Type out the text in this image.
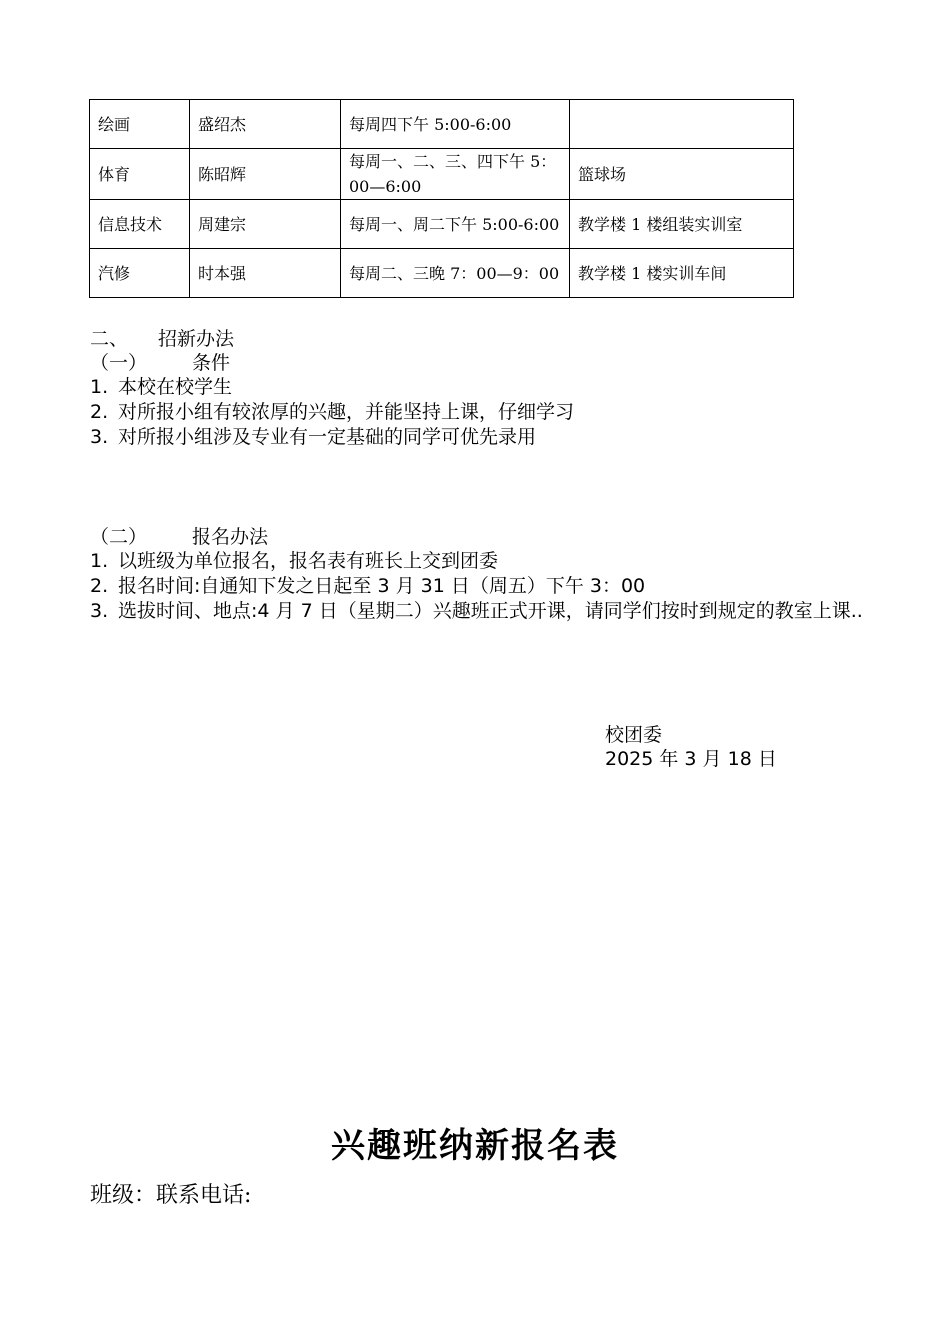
绘画	盛绍杰	每周四下午 5:00-6:00	
体育	陈昭辉	每周一、二、三、四下午 5：00—6:00	篮球场
信息技术	周建宗	每周一、周二下午 5:00-6:00	教学楼 1 楼组装实训室
汽修	时本强	每周二、三晚 7：00—9：00	教学楼 1 楼实训车间
二、 招新办法
（一） 条件
1. 本校在校学生
2. 对所报小组有较浓厚的兴趣，并能坚持上课，仔细学习
3. 对所报小组涉及专业有一定基础的同学可优先录用
（二） 报名办法
1. 以班级为单位报名，报名表有班长上交到团委
2. 报名时间:自通知下发之日起至 3 月 31 日（周五）下午 3：00
3. 选拔时间、地点:4 月 7 日（星期二）兴趣班正式开课，请同学们按时到规定的教室上课..
校团委
2025 年 3 月 18 日
兴趣班纳新报名表
班级：联系电话:
